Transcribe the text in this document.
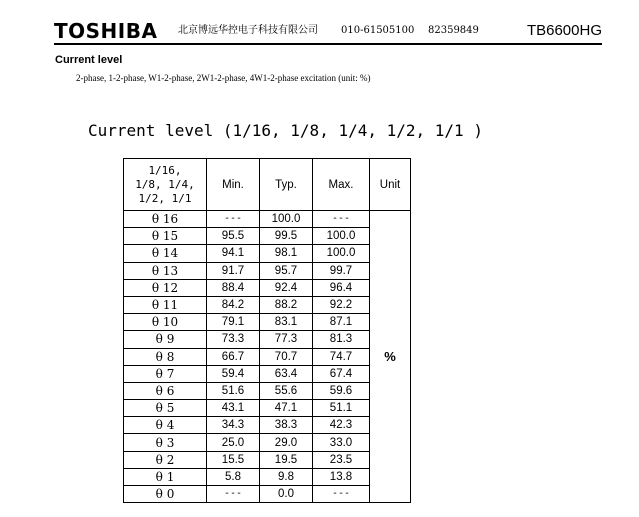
TOSHIBA 北京博远华控电子科技有限公司 010-61505100 82359849	TB6600HG
Current level
2-phase, 1-2-phase, W1-2-phase, 2W1-2-phase, 4W1-2-phase excitation (unit: %)
Current level (1/16, 1/8, 1/4, 1/2, 1/1 )
1/16,
1/8, 1/4,
1/2, 1/1	Min.	Typ.	Max.	Unit
θ 16	---	100.0	---	%
θ 15	95.5	99.5	100.0	
θ 14	94.1	98.1	100.0	
θ 13	91.7	95.7	99.7	
θ 12	88.4	92.4	96.4	
θ 11	84.2	88.2	92.2	
θ 10	79.1	83.1	87.1	
θ 9	73.3	77.3	81.3	
θ 8	66.7	70.7	74.7	
θ 7	59.4	63.4	67.4	
θ 6	51.6	55.6	59.6	
θ 5	43.1	47.1	51.1	
θ 4	34.3	38.3	42.3	
θ 3	25.0	29.0	33.0	
θ 2	15.5	19.5	23.5	
θ 1	5.8	9.8	13.8	
θ 0	---	0.0	---	
